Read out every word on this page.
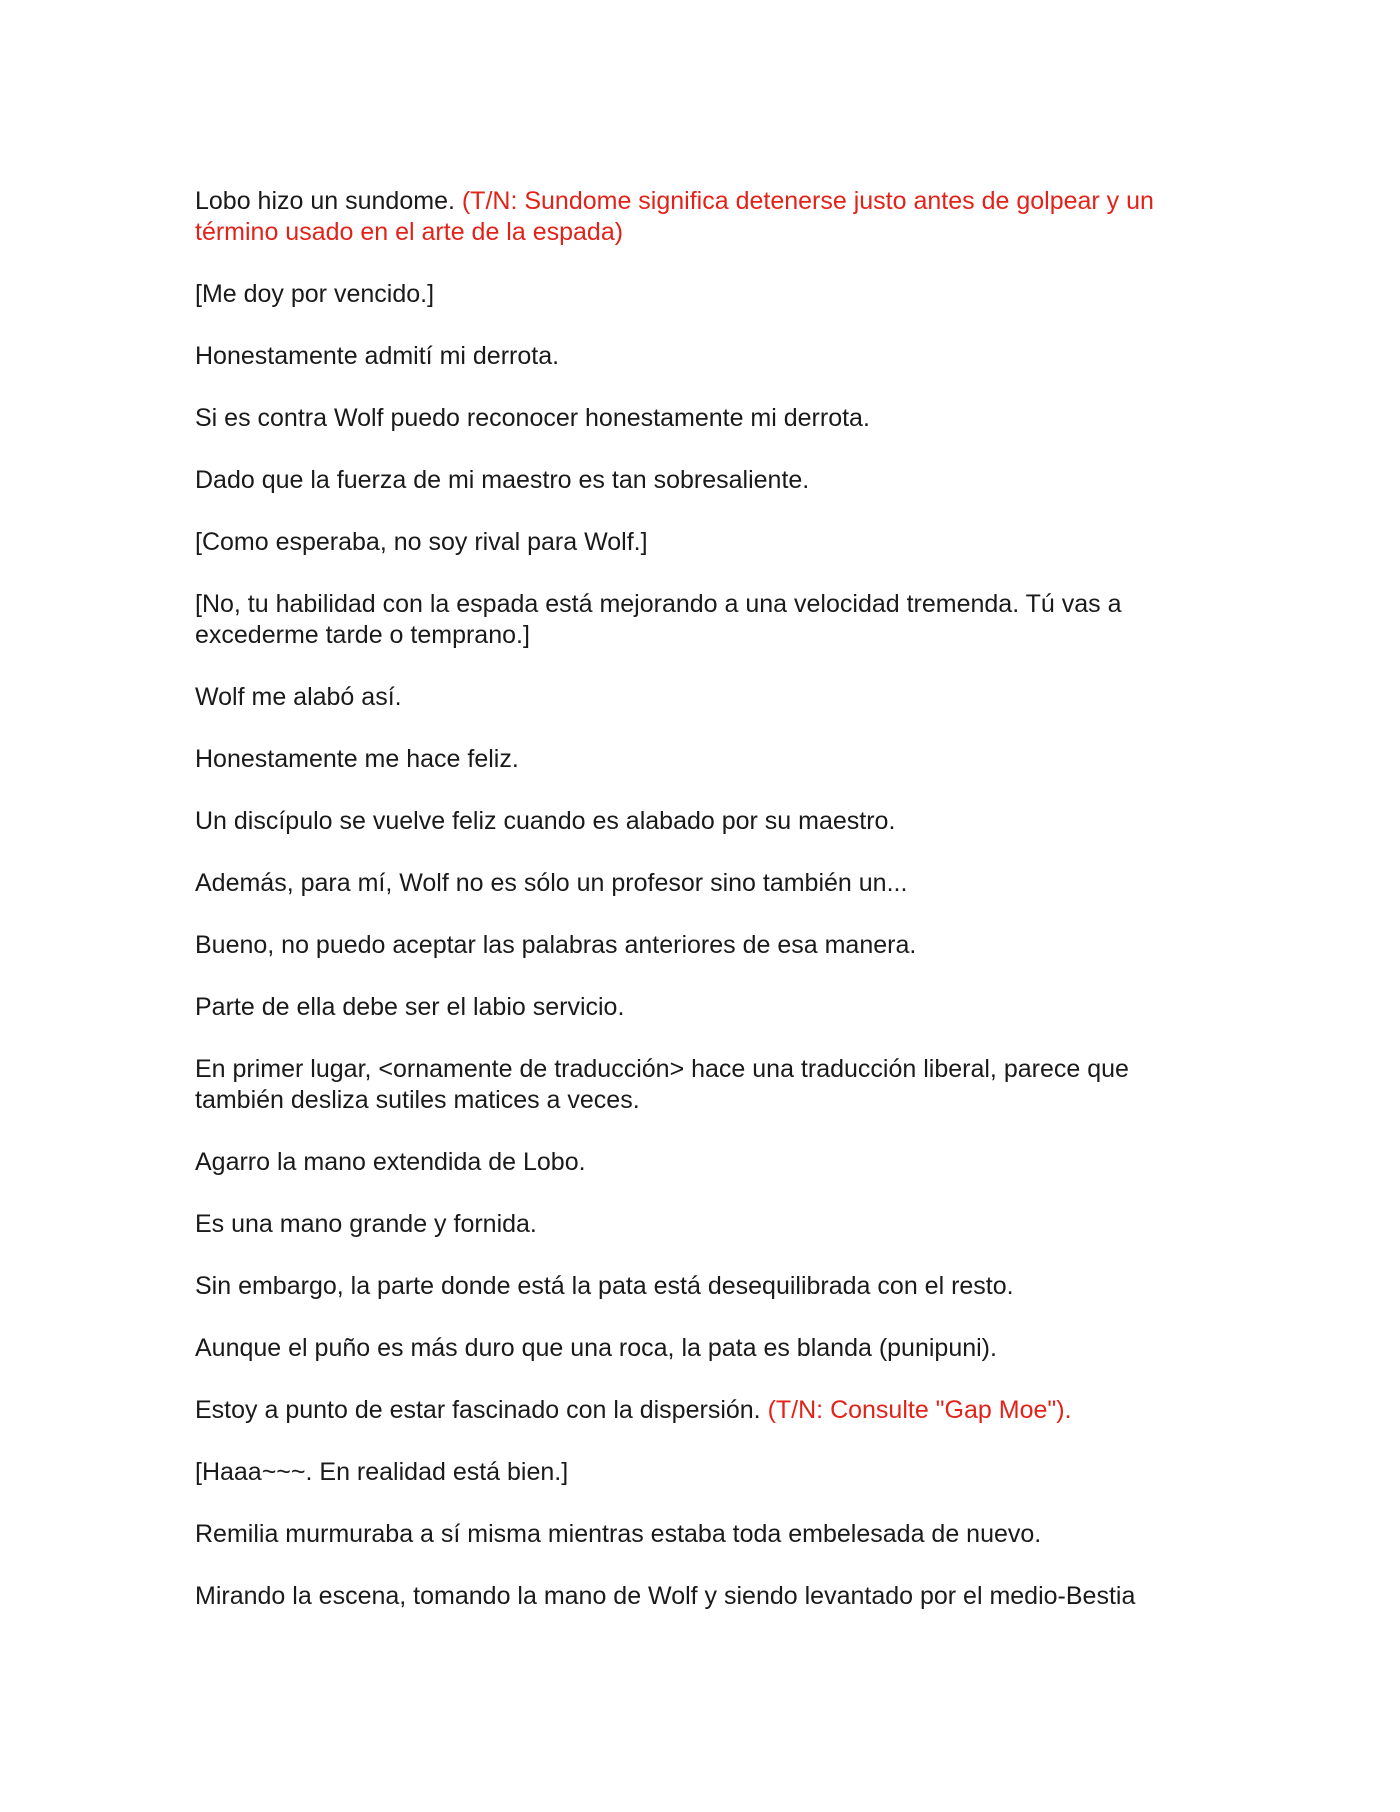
Lobo hizo un sundome. (T/N: Sundome significa detenerse justo antes de golpear y un término usado en el arte de la espada)

[Me doy por vencido.]

Honestamente admití mi derrota.

Si es contra Wolf puedo reconocer honestamente mi derrota.

Dado que la fuerza de mi maestro es tan sobresaliente.

[Como esperaba, no soy rival para Wolf.]

[No, tu habilidad con la espada está mejorando a una velocidad tremenda. Tú vas a excederme tarde o temprano.]

Wolf me alabó así.

Honestamente me hace feliz.

Un discípulo se vuelve feliz cuando es alabado por su maestro.

Además, para mí, Wolf no es sólo un profesor sino también un...

Bueno, no puedo aceptar las palabras anteriores de esa manera.

Parte de ella debe ser el labio servicio.

En primer lugar, <ornamente de traducción> hace una traducción liberal, parece que también desliza sutiles matices a veces.

Agarro la mano extendida de Lobo.

Es una mano grande y fornida.

Sin embargo, la parte donde está la pata está desequilibrada con el resto.

Aunque el puño es más duro que una roca, la pata es blanda (punipuni).

Estoy a punto de estar fascinado con la dispersión. (T/N: Consulte "Gap Moe").

[Haaa~~~. En realidad está bien.]

Remilia murmuraba a sí misma mientras estaba toda embelesada de nuevo.

Mirando la escena, tomando la mano de Wolf y siendo levantado por el medio-Bestia
